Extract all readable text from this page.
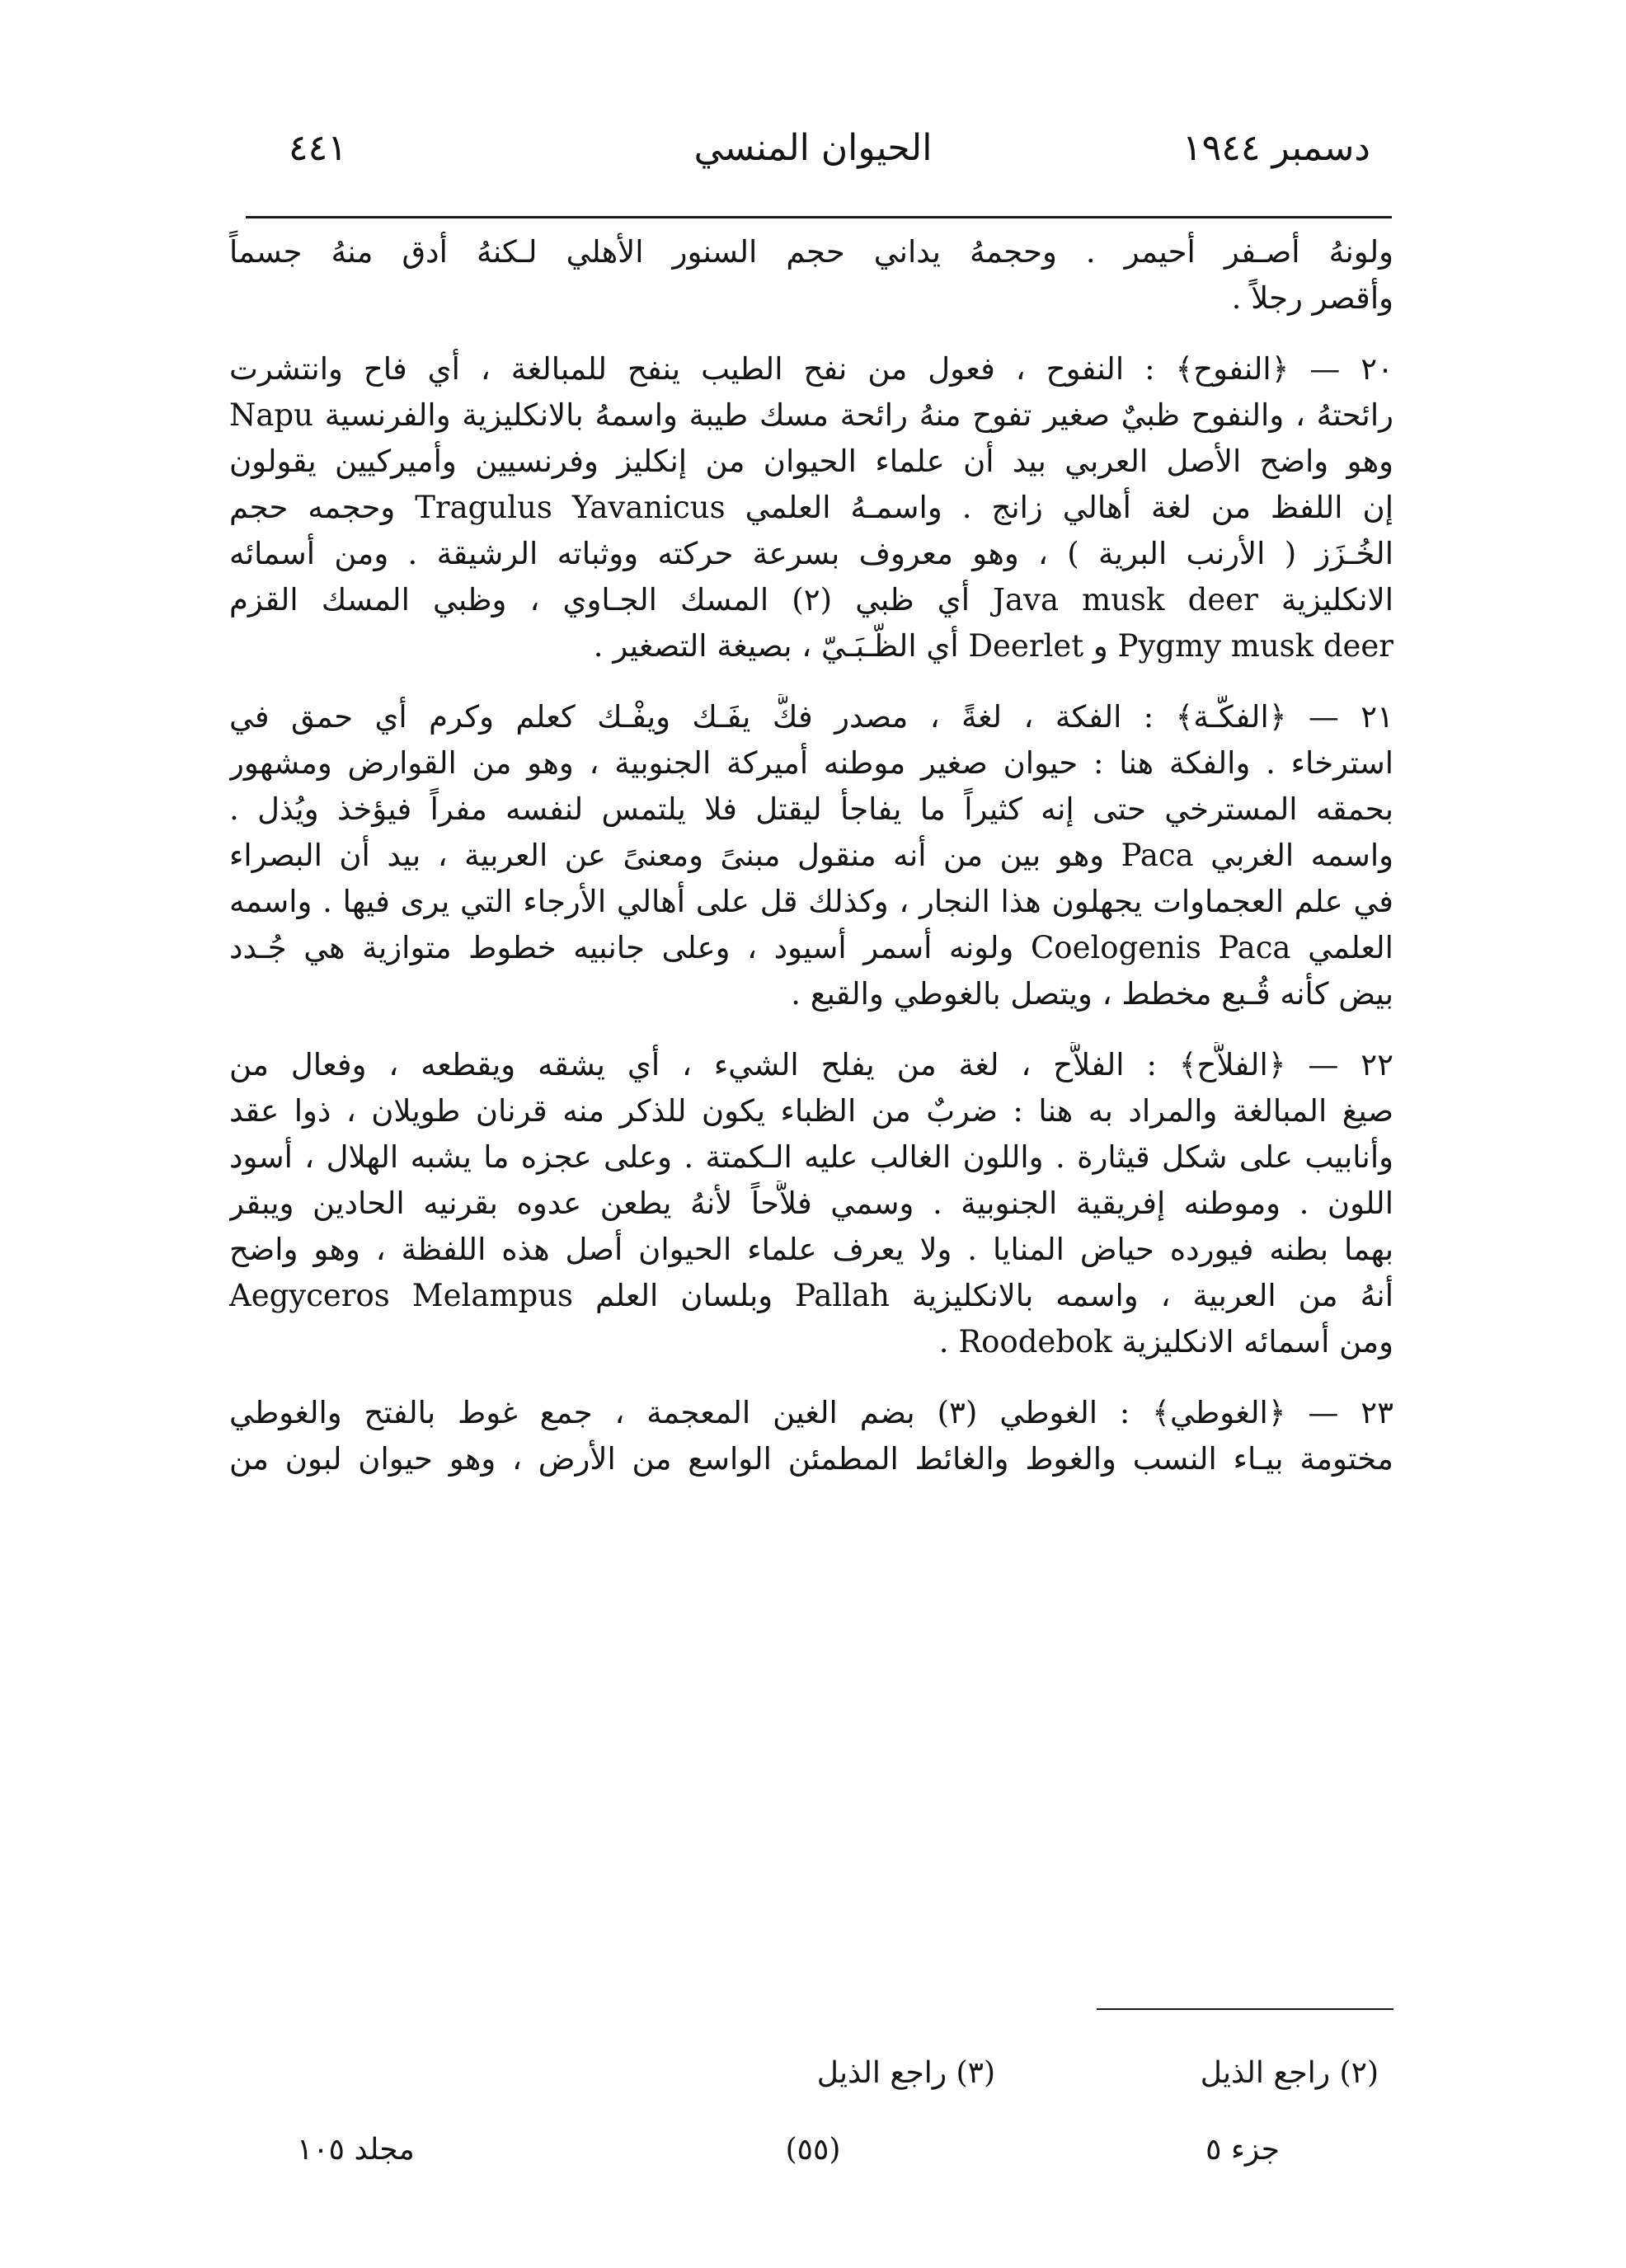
٤٤١	الحيوان المنسي	دسمبر ١٩٤٤
ولونهُ أصـفر أحيمر . وحجمهُ يداني حجم السنور الأهلي لـكنهُ أدق منهُ جسماً
وأقصر رجلاً .
٢٠ — ﴿النفوح﴾ : النفوح ، فعول من نفح الطيب ينفح للمبالغة ، أي فاح وانتشرت
رائحتهُ ، والنفوح ظبيٌ صغير تفوح منهُ رائحة مسك طيبة واسمهُ بالانكليزية والفرنسية Napu
وهو واضح الأصل العربي بيد أن علماء الحيوان من إنكليز وفرنسيين وأميركيين يقولون
إن اللفظ من لغة أهالي زانج . واسمـهُ العلمي Tragulus Yavanicus وحجمه حجم
الخُـزَز ( الأرنب البرية ) ، وهو معروف بسرعة حركته ووثباته الرشيقة . ومن أسمائه
الانكليزية Java musk deer أي ظبي (٢) المسك الجـاوي ، وظبي المسك القزم
Pygmy musk deer و Deerlet أي الظُّـبَـيّ ، بصيغة التصغير .
٢١ — ﴿الفكَّـة﴾ : الفكة ، لغةً ، مصدر فكَّ يفَـك ويفْـك كعلم وكرم أي حمق في
استرخاء . والفكة هنا : حيوان صغير موطنه أميركة الجنوبية ، وهو من القوارض ومشهور
بحمقه المسترخي حتى إنه كثيراً ما يفاجأ ليقتل فلا يلتمس لنفسه مفراً فيؤخذ ويُذل .
واسمه الغربي Paca وهو بين من أنه منقول مبنىً ومعنىً عن العربية ، بيد أن البصراء
في علم العجماوات يجهلون هذا النجار ، وكذلك قل على أهالي الأرجاء التي يرى فيها . واسمه
العلمي Coelogenis Paca ولونه أسمر أسيود ، وعلى جانبيه خطوط متوازية هي جُـدد
بيض كأنه قُـبع مخطط ، ويتصل بالغوطي والقبع .
٢٢ — ﴿الفلاَّح﴾ : الفلاَّح ، لغة من يفلح الشيء ، أي يشقه ويقطعه ، وفعال من
صيغ المبالغة والمراد به هنا : ضربٌ من الظباء يكون للذكر منه قرنان طويلان ، ذوا عقد
وأنابيب على شكل قيثارة . واللون الغالب عليه الـكمتة . وعلى عجزه ما يشبه الهلال ، أسود
اللون . وموطنه إفريقية الجنوبية . وسمي فلاَّحاً لأنهُ يطعن عدوه بقرنيه الحادين ويبقر
بهما بطنه فيورده حياض المنايا . ولا يعرف علماء الحيوان أصل هذه اللفظة ، وهو واضح
أنهُ من العربية ، واسمه بالانكليزية Pallah وبلسان العلم Aegyceros Melampus
ومن أسمائه الانكليزية Roodebok .
٢٣ — ﴿الغوطي﴾ : الغوطي (٣) بضم الغين المعجمة ، جمع غوط بالفتح والغوطي
مختومة بيـاء النسب والغوط والغائط المطمئن الواسع من الأرض ، وهو حيوان لبون من
(٢) راجع الذيل
(٣) راجع الذيل
جزء ٥
(٥٥)
مجلد ١٠٥
